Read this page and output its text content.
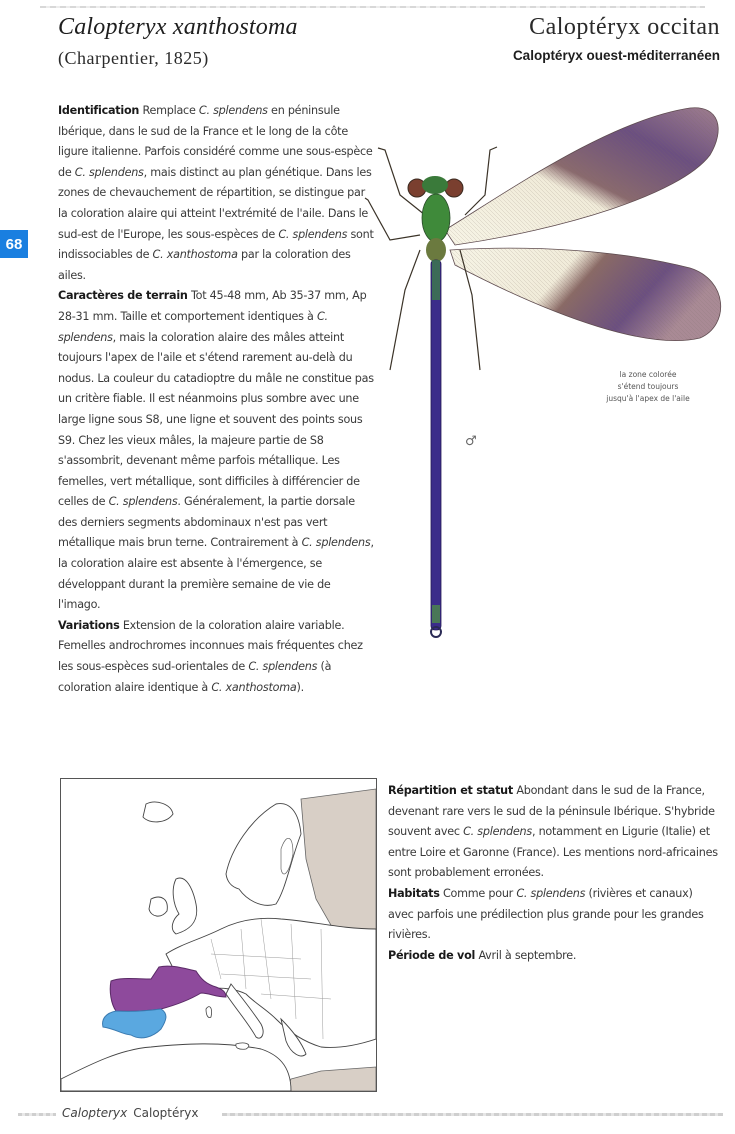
Calopteryx xanthostoma
(Charpentier, 1825)
Caloptéryx occitan
Caloptéryx ouest-méditerranéen
68

Identification Remplace C. splendens en péninsule Ibérique, dans le sud de la France et le long de la côte ligure italienne. Parfois considéré comme une sous-espèce de C. splendens, mais distinct au plan génétique. Dans les zones de chevauchement de répartition, se distingue par la coloration alaire qui atteint l'extrémité de l'aile. Dans le sud-est de l'Europe, les sous-espèces de C. splendens sont indissociables de C. xanthostoma par la coloration des ailes.

Caractères de terrain Tot 45-48 mm, Ab 35-37 mm, Ap 28-31 mm. Taille et comportement identiques à C. splendens, mais la coloration alaire des mâles atteint toujours l'apex de l'aile et s'étend rarement au-delà du nodus. La couleur du catadioptre du mâle ne constitue pas un critère fiable. Il est néanmoins plus sombre avec une large ligne sous S8, une ligne et souvent des points sous S9. Chez les vieux mâles, la majeure partie de S8 s'assombrit, devenant même parfois métallique. Les femelles, vert métallique, sont difficiles à différencier de celles de C. splendens. Généralement, la partie dorsale des derniers segments abdominaux n'est pas vert métallique mais brun terne. Contrairement à C. splendens, la coloration alaire est absente à l'émergence, se développant durant la première semaine de vie de l'imago.

Variations Extension de la coloration alaire variable. Femelles androchromes inconnues mais fréquentes chez les sous-espèces sud-orientales de C. splendens (à coloration alaire identique à C. xanthostoma).

la zone colorée
s'étend toujours
jusqu'à l'apex de l'aile
♂

Répartition et statut Abondant dans le sud de la France, devenant rare vers le sud de la péninsule Ibérique. S'hybride souvent avec C. splendens, notamment en Ligurie (Italie) et entre Loire et Garonne (France). Les mentions nord-africaines sont probablement erronées.

Habitats Comme pour C. splendens (rivières et canaux) avec parfois une prédilection plus grande pour les grandes rivières.

Période de vol Avril à septembre.

Calopteryx Caloptéryx
